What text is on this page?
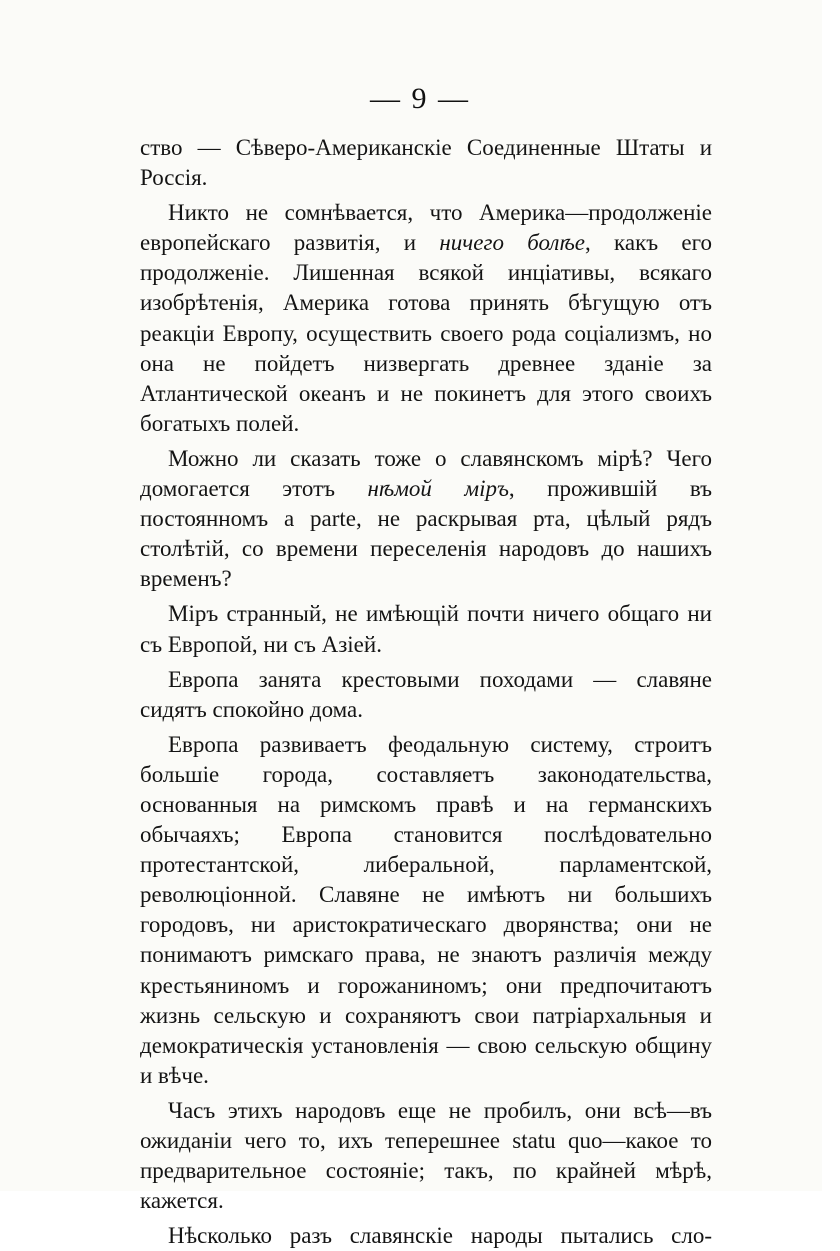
— 9 —

ство — Сѣверо-Американскіе Соединенные Штаты и Россія.

Никто не сомнѣвается, что Америка—продолженіе европейскаго развитія, и ничего болѣе, какъ его продолженіе. Лишенная всякой инціативы, всякаго изобрѣтенія, Америка готова принять бѣгущую отъ реакціи Европу, осуществить своего рода соціализмъ, но она не пойдетъ низвергать древнее зданіе за Атлантической океанъ и не покинетъ для этого своихъ богатыхъ полей.

Можно ли сказать тоже о славянскомъ мірѣ? Чего домогается этотъ нѣмой міръ, прожившій въ постоянномъ a parte, не раскрывая рта, цѣлый рядъ столѣтій, со времени переселенія народовъ до нашихъ временъ?

Міръ странный, не имѣющій почти ничего общаго ни съ Европой, ни съ Азіей.

Европа занята крестовыми походами — славяне сидятъ спокойно дома.

Европа развиваетъ феодальную систему, строитъ большіе города, составляетъ законодательства, основанныя на римскомъ правѣ и на германскихъ обычаяхъ; Европа становится послѣдовательно протестантской, либеральной, парламентской, революціонной. Славяне не имѣютъ ни большихъ городовъ, ни аристократическаго дворянства; они не понимаютъ римскаго права, не знаютъ различія между крестьяниномъ и горожаниномъ; они предпочитаютъ жизнь сельскую и сохраняютъ свои патріархальныя и демократическія установленія — свою сельскую общину и вѣче.

Часъ этихъ народовъ еще не пробилъ, они всѣ—въ ожиданіи чего то, ихъ теперешнее statu quo—какое то предварительное состояніе; такъ, по крайней мѣрѣ, кажется.

Нѣсколько разъ славянскіе народы пытались сло-
